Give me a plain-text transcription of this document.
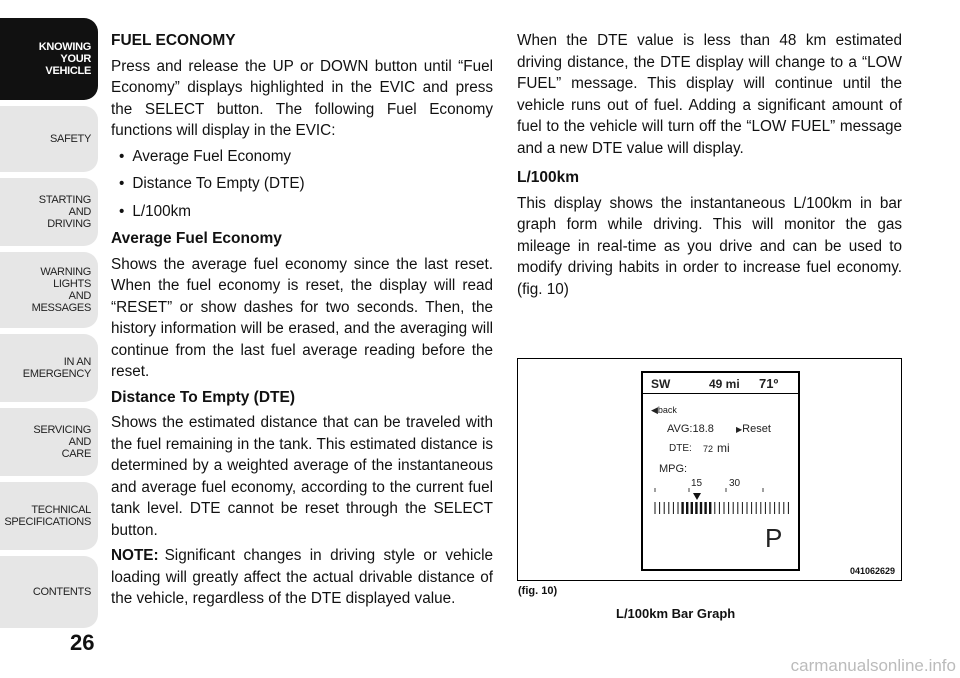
KNOWING
YOUR
VEHICLE
SAFETY
STARTING
AND
DRIVING
WARNING
LIGHTS
AND
MESSAGES
IN AN
EMERGENCY
SERVICING
AND
CARE
TECHNICAL
SPECIFICATIONS
CONTENTS
26

FUEL ECONOMY

Press and release the UP or DOWN button until “Fuel Economy” displays highlighted in the EVIC and press the SELECT button. The following Fuel Economy functions will display in the EVIC:

• Average Fuel Economy
• Distance To Empty (DTE)
• L/100km

Average Fuel Economy

Shows the average fuel economy since the last reset. When the fuel economy is reset, the display will read “RESET” or show dashes for two seconds. Then, the history information will be erased, and the averaging will continue from the last fuel average reading before the reset.

Distance To Empty (DTE)

Shows the estimated distance that can be traveled with the fuel remaining in the tank. This estimated distance is determined by a weighted average of the instantaneous and average fuel economy, according to the current fuel tank level. DTE cannot be reset through the SELECT button.

NOTE: Significant changes in driving style or vehicle loading will greatly affect the actual drivable distance of the vehicle, regardless of the DTE displayed value.

When the DTE value is less than 48 km estimated driving distance, the DTE display will change to a “LOW FUEL” message. This display will continue until the vehicle runs out of fuel. Adding a significant amount of fuel to the vehicle will turn off the “LOW FUEL” message and a new DTE value will display.

L/100km

This display shows the instantaneous L/100km in bar graph form while driving. This will monitor the gas mileage in real-time as you drive and can be used to modify driving habits in order to increase fuel economy. (fig. 10)

SW	49 mi 71º
◀back
AVG:18.8	▶Reset
DTE: 72 mi
MPG:
15	30
P
041062629
(fig. 10)
L/100km Bar Graph
carmanualsonline.info
